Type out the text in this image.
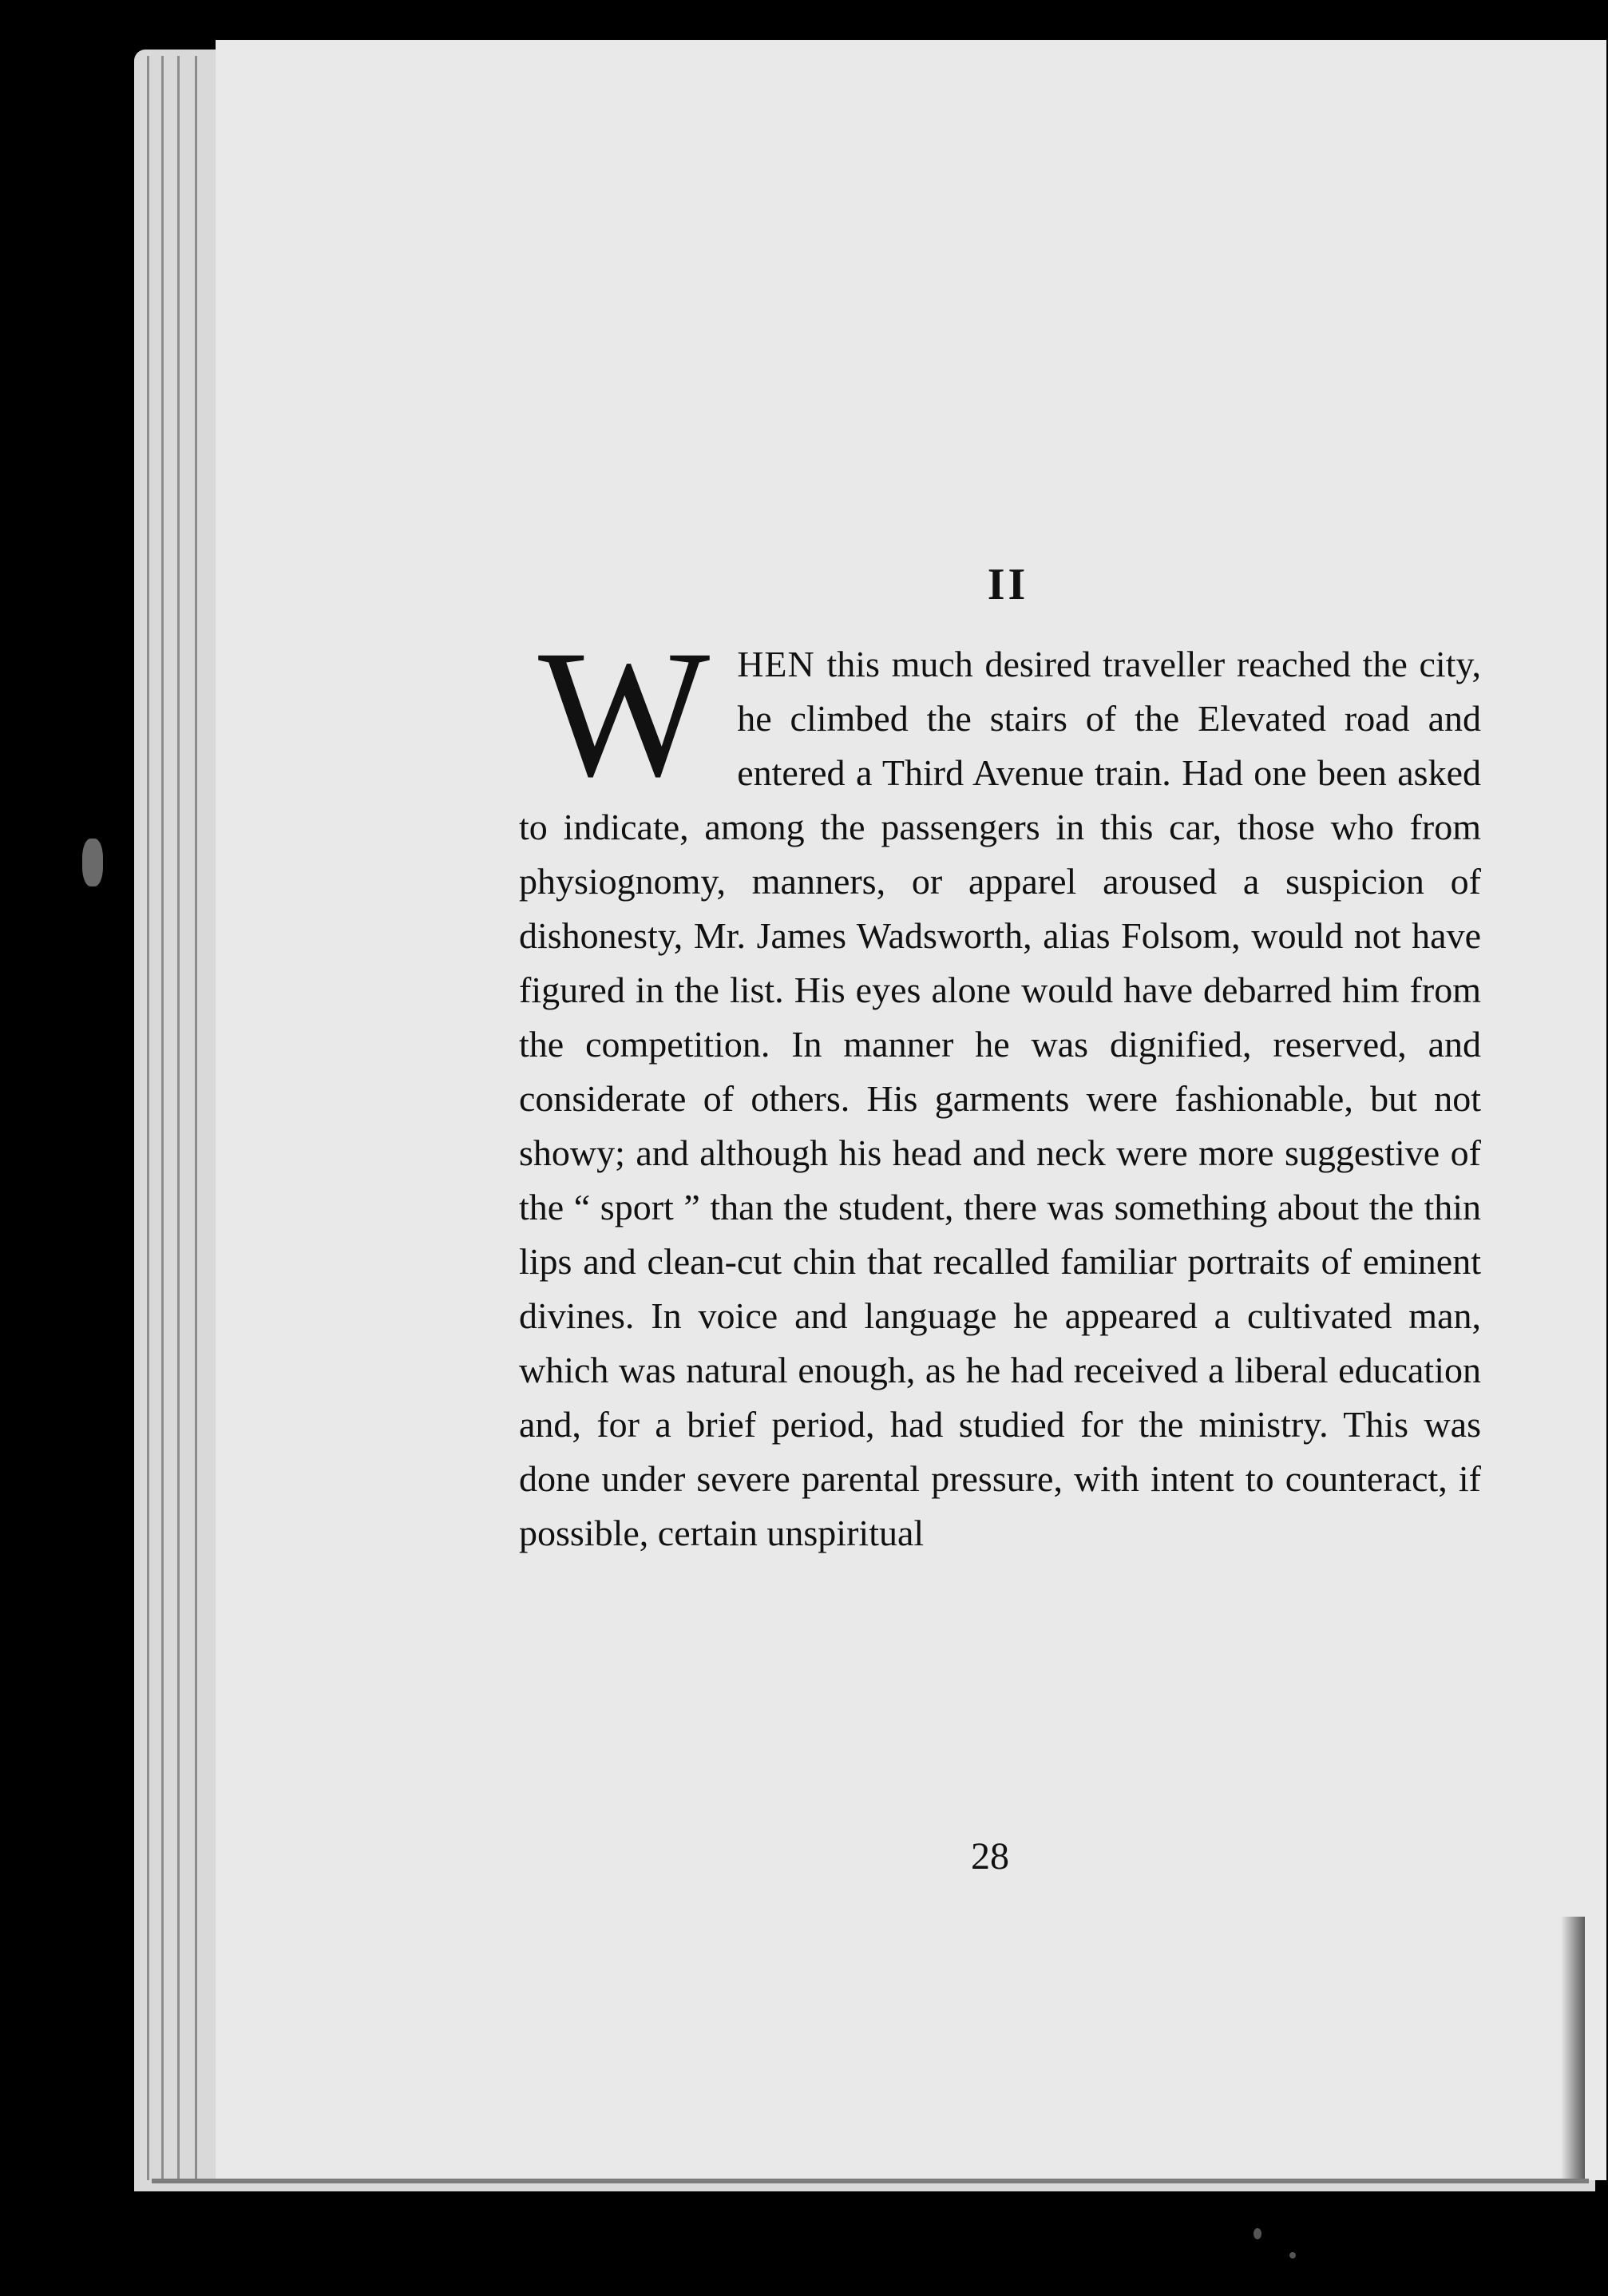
II

WHEN this much desired traveller reached the city, he climbed the stairs of the Elevated road and entered a Third Avenue train. Had one been asked to indicate, among the passengers in this car, those who from physiognomy, manners, or apparel aroused a suspicion of dishonesty, Mr. James Wadsworth, alias Folsom, would not have figured in the list. His eyes alone would have debarred him from the competition. In manner he was dignified, reserved, and considerate of others. His garments were fashionable, but not showy; and although his head and neck were more suggestive of the “ sport ” than the student, there was something about the thin lips and clean-cut chin that recalled familiar portraits of eminent divines. In voice and language he appeared a cultivated man, which was natural enough, as he had received a liberal education and, for a brief period, had studied for the ministry. This was done under severe parental pressure, with intent to counteract, if possible, certain unspiritual

28
